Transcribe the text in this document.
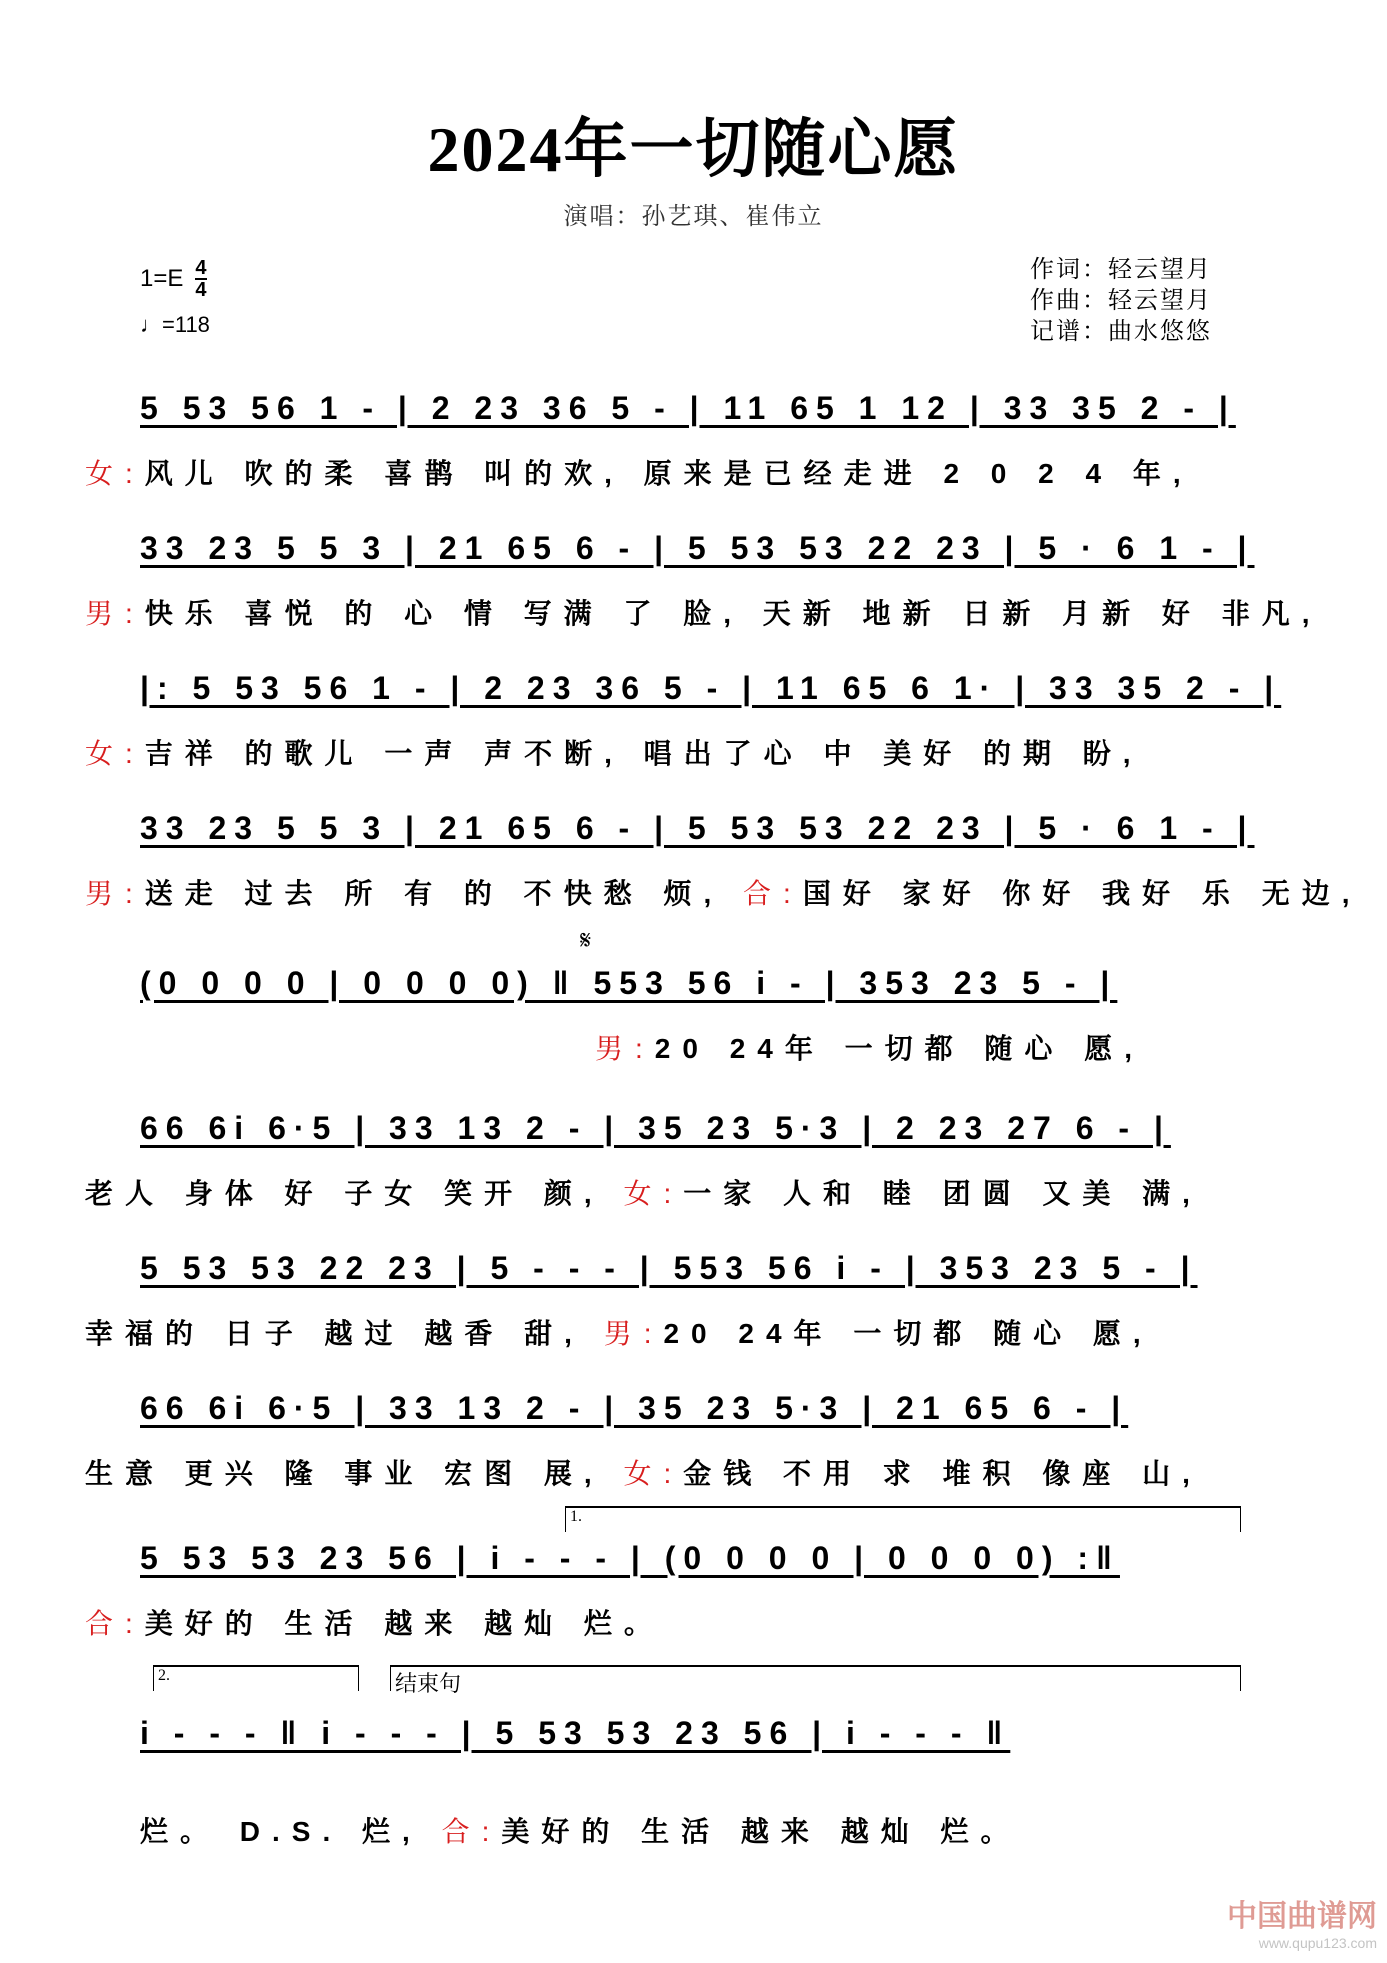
2024年一切随心愿
演唱：孙艺琪、崔伟立
$1=E \frac{4}{4}$
♩=118
作词：轻云望月
作曲：轻云望月
记谱：曲水悠悠
5 53 56 1 - | 2 23 36 5 - | 11 65 1 12 | 33 35 2 - |
女:风儿 吹的柔 喜鹊 叫的欢, 原来是已经走进 2 0 2 4 年,
33 23 5 5 3 | 21 65 6 - | 5 53 53 22 23 | 5 · 6 1 - |
男:快乐 喜悦 的 心 情 写满 了 脸, 天新 地新 日新 月新 好 非凡,
|: 5 53 56 1 - | 2 23 36 5 - | 11 65 6 1· | 33 35 2 - |
女:吉祥 的歌儿 一声 声不断, 唱出了心 中 美好 的期 盼,
33 23 5 5 3 | 21 65 6 - | 5 53 53 22 23 | 5 · 6 1 - |
男:送走 过去 所 有 的 不快愁 烦, 合:国好 家好 你好 我好 乐 无边,
(0 0 0 0 | 0 0 0 0) ‖ 553 56 i - | 353 23 5 - |
𝄋
男:20 24年 一切都 随心 愿,
66 6i 6·5 | 33 13 2 - | 35 23 5·3 | 2 23 27 6 - |
老人 身体 好 子女 笑开 颜, 女:一家 人和 睦 团圆 又美 满,
5 53 53 22 23 | 5 - - - | 553 56 i - | 353 23 5 - |
幸福的 日子 越过 越香 甜, 男:20 24年 一切都 随心 愿,
66 6i 6·5 | 33 13 2 - | 35 23 5·3 | 21 65 6 - |
生意 更兴 隆 事业 宏图 展, 女:金钱 不用 求 堆积 像座 山,
5 53 53 23 56 | i - - - | (0 0 0 0 | 0 0 0 0) :‖
1.
合:美好的 生活 越来 越灿 烂。
i - - - ‖ i - - - | 5 53 53 23 56 | i - - - ‖
2.	结束句
烂。 D.S. 烂, 合:美好的 生活 越来 越灿 烂。
中国曲谱网
www.qupu123.com
